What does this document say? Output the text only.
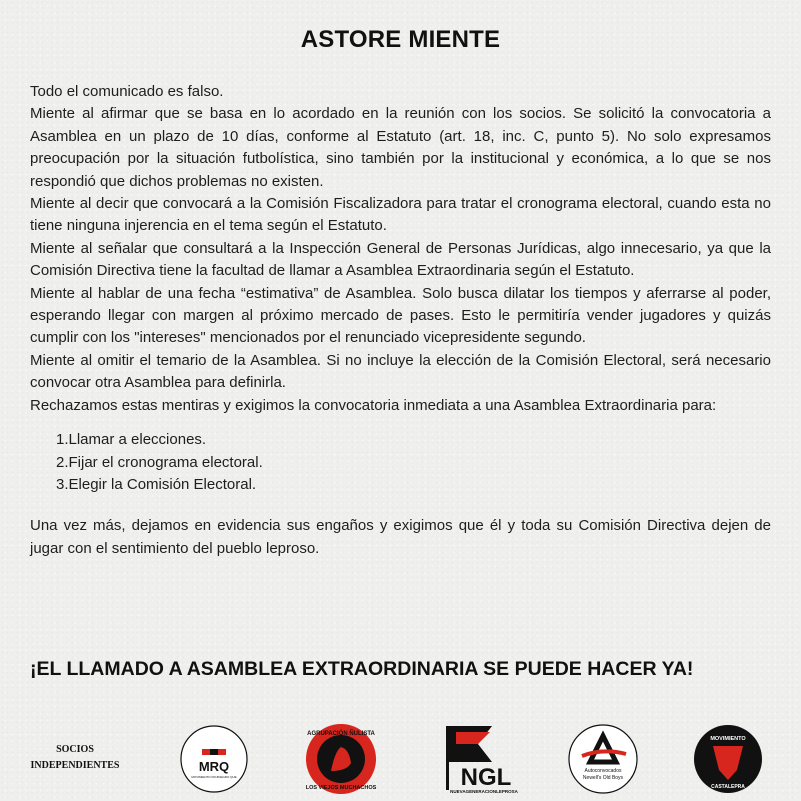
ASTORE MIENTE

Todo el comunicado es falso.

Miente al afirmar que se basa en lo acordado en la reunión con los socios. Se solicitó la convocatoria a Asamblea en un plazo de 10 días, conforme al Estatuto (art. 18, inc. C, punto 5). No solo expresamos preocupación por la situación futbolística, sino también por la institucional y económica, a lo que se nos respondió que dichos problemas no existen.

Miente al decir que convocará a la Comisión Fiscalizadora para tratar el cronograma electoral, cuando esta no tiene ninguna injerencia en el tema según el Estatuto.

Miente al señalar que consultará a la Inspección General de Personas Jurídicas, algo innecesario, ya que la Comisión Directiva tiene la facultad de llamar a Asamblea Extraordinaria según el Estatuto.

Miente al hablar de una fecha “estimativa” de Asamblea. Solo busca dilatar los tiempos y aferrarse al poder, esperando llegar con margen al próximo mercado de pases. Esto le permitiría vender jugadores y quizás cumplir con los "intereses" mencionados por el renunciado vicepresidente segundo.

Miente al omitir el temario de la Asamblea. Si no incluye la elección de la Comisión Electoral, será necesario convocar otra Asamblea para definirla.

Rechazamos estas mentiras y exigimos la convocatoria inmediata a una Asamblea Extraordinaria para:

1.Llamar a elecciones.
2.Fijar el cronograma electoral.
3.Elegir la Comisión Electoral.

Una vez más, dejamos en evidencia sus engaños y exigimos que él y toda su Comisión Directiva dejen de jugar con el sentimiento del pueblo leproso.

¡EL LLAMADO A ASAMBLEA EXTRAORDINARIA SE PUEDE HACER YA!
SOCIOS
INDEPENDIENTES	MRQ
MOVIMIENTO ROJINEGRO QUE
AGRUPACIÓN ÑULISTA
LOS VIEJOS MUCHACHOS	NGL
NUEVAGENERACIONLEPROSA
Autoconvocados
Newell's Old Boys
MOVIMIENTO
CASTALEPRA
